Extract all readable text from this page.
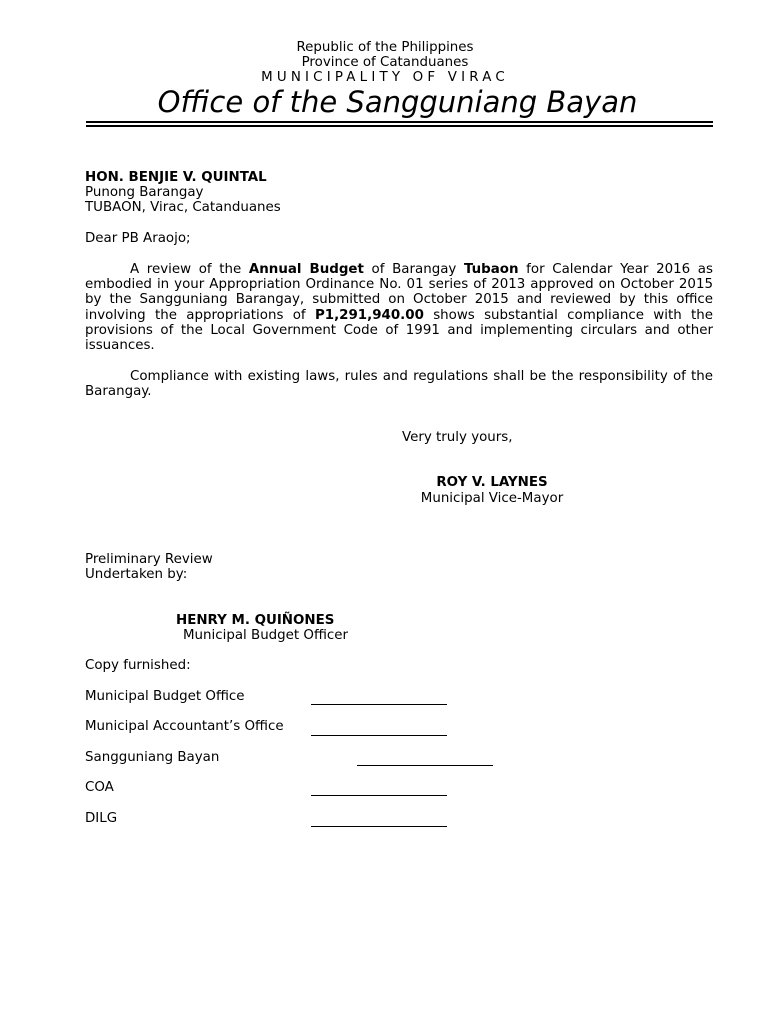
Republic of the Philippines
Province of Catanduanes
MUNICIPALITY OF VIRAC
Office of the Sangguniang Bayan
HON. BENJIE V. QUINTAL
Punong Barangay
TUBAON, Virac, Catanduanes
Dear PB Araojo;
A review of the Annual Budget of Barangay Tubaon for Calendar Year 2016 as embodied in your Appropriation Ordinance No. 01 series of 2013 approved on October 2015 by the Sangguniang Barangay, submitted on October 2015 and reviewed by this office involving the appropriations of P1,291,940.00 shows substantial compliance with the provisions of the Local Government Code of 1991 and implementing circulars and other issuances.
Compliance with existing laws, rules and regulations shall be the responsibility of the Barangay.
Very truly yours,
ROY V. LAYNES
Municipal Vice-Mayor
Preliminary Review
Undertaken by:
HENRY M. QUIÑONES
Municipal Budget Officer
Copy furnished:
Municipal Budget Office
Municipal Accountant’s Office
Sangguniang Bayan
COA
DILG
